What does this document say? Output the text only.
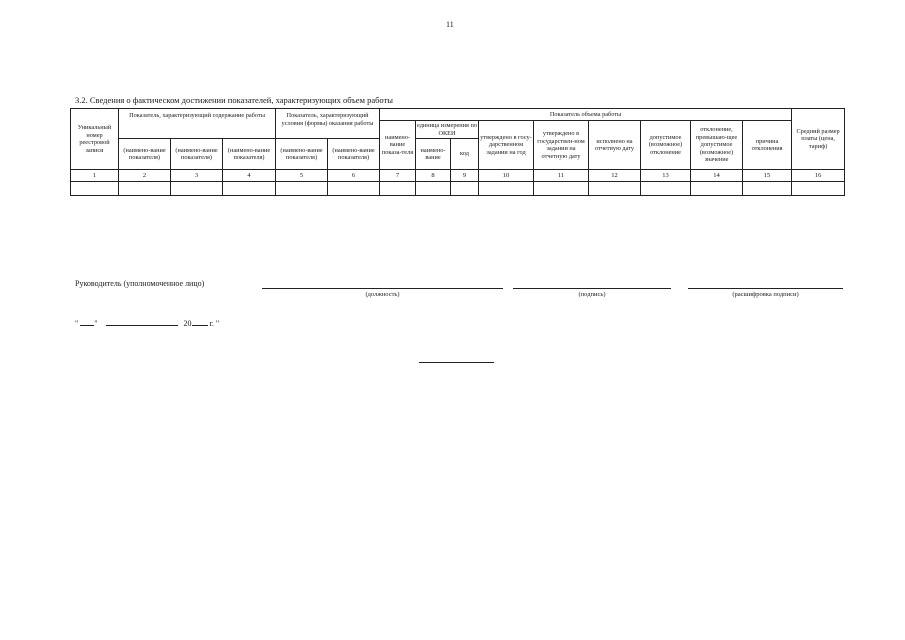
11
3.2. Сведения о фактическом достижении показателей, характеризующих объем работы
Уникальный номер реестровой записи	Показатель, характеризующий содержание работы			Показатель, характеризующий условия (формы) оказания работы		Показатель объема работы									Средний размер платы (цена, тариф)
						наимено-вание показа-теля	единица измерения по ОКЕИ		утверждено в госу-дарственном задании на год	утверждено в государствен-ном задании на отчетную дату	исполнено на отчетную дату	допустимое (возможное) отклонение	отклонение, превышаю-щее допустимое (возможное) значение	причина отклонения	

	(наимено-вание показателя)	(наимено-вание показателя)	(наимено-вание показателя)	(наимено-вание показателя)	(наимено-вание показателя)		наимено-вание	код							
1	2	3	4	5	6	7	8	9	10	11	12	13	14	15	16

Руководитель (уполномоченное лицо)
(должность)	(подпись)	(расшифровка подписи)
" "	20 г. "
